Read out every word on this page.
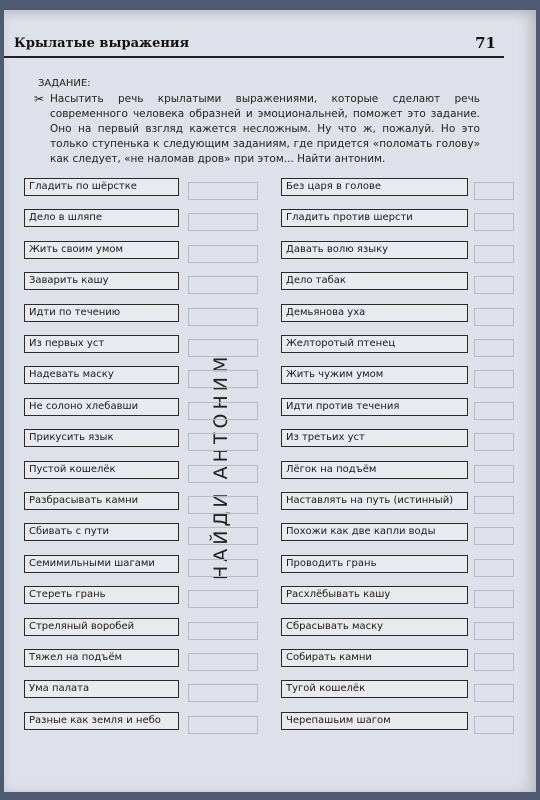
Крылатые выражения	71
ЗАДАНИЕ:
✂ Насытить речь крылатыми выражениями, которые сделают речь современного человека образней и эмоциональней, поможет это задание. Оно на первый взгляд кажется несложным. Ну что ж, пожалуй. Но это только ступенька к следующим заданиям, где придется «поломать голову» как следует, «не наломав дров» при этом... Найти антоним.
НАЙДИ АНТОНИМ
Гладить по шёрстке
Дело в шляпе
Жить своим умом
Заварить кашу
Идти по течению
Из первых уст
Надевать маску
Не солоно хлебавши
Прикусить язык
Пустой кошелёк
Разбрасывать камни
Сбивать с пути
Семимильными шагами
Стереть грань
Стреляный воробей
Тяжел на подъём
Ума палата
Разные как земля и небо
Без царя в голове
Гладить против шерсти
Давать волю языку
Дело табак
Демьянова уха
Желторотый птенец
Жить чужим умом
Идти против течения
Из третьих уст
Лёгок на подъём
Наставлять на путь (истинный)
Похожи как две капли воды
Проводить грань
Расхлёбывать кашу
Сбрасывать маску
Собирать камни
Тугой кошелёк
Черепашьим шагом
